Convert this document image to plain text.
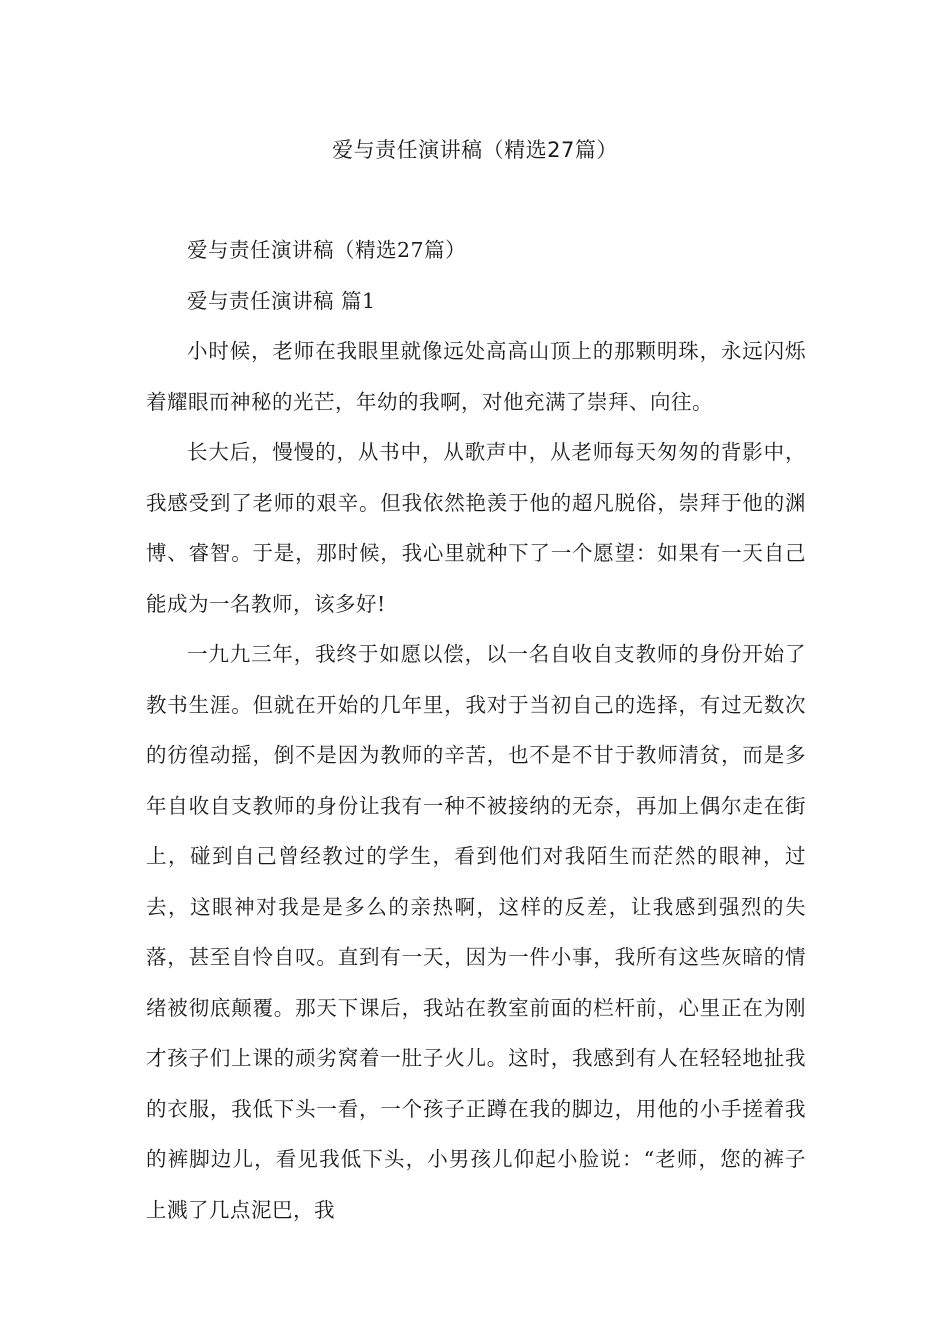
爱与责任演讲稿（精选27篇）

爱与责任演讲稿（精选27篇）

爱与责任演讲稿 篇1

小时候，老师在我眼里就像远处高高山顶上的那颗明珠，永远闪烁着耀眼而神秘的光芒，年幼的我啊，对他充满了崇拜、向往。

长大后，慢慢的，从书中，从歌声中，从老师每天匆匆的背影中，我感受到了老师的艰辛。但我依然艳羡于他的超凡脱俗，崇拜于他的渊博、睿智。于是，那时候，我心里就种下了一个愿望：如果有一天自己能成为一名教师，该多好!

一九九三年，我终于如愿以偿，以一名自收自支教师的身份开始了教书生涯。但就在开始的几年里，我对于当初自己的选择，有过无数次的彷徨动摇，倒不是因为教师的辛苦，也不是不甘于教师清贫，而是多年自收自支教师的身份让我有一种不被接纳的无奈，再加上偶尔走在街上，碰到自己曾经教过的学生，看到他们对我陌生而茫然的眼神，过去，这眼神对我是是多么的亲热啊，这样的反差，让我感到强烈的失落，甚至自怜自叹。直到有一天，因为一件小事，我所有这些灰暗的情绪被彻底颠覆。那天下课后，我站在教室前面的栏杆前，心里正在为刚才孩子们上课的顽劣窝着一肚子火儿。这时，我感到有人在轻轻地扯我的衣服，我低下头一看，一个孩子正蹲在我的脚边，用他的小手搓着我的裤脚边儿，看见我低下头，小男孩儿仰起小脸说：“老师，您的裤子上溅了几点泥巴，我
